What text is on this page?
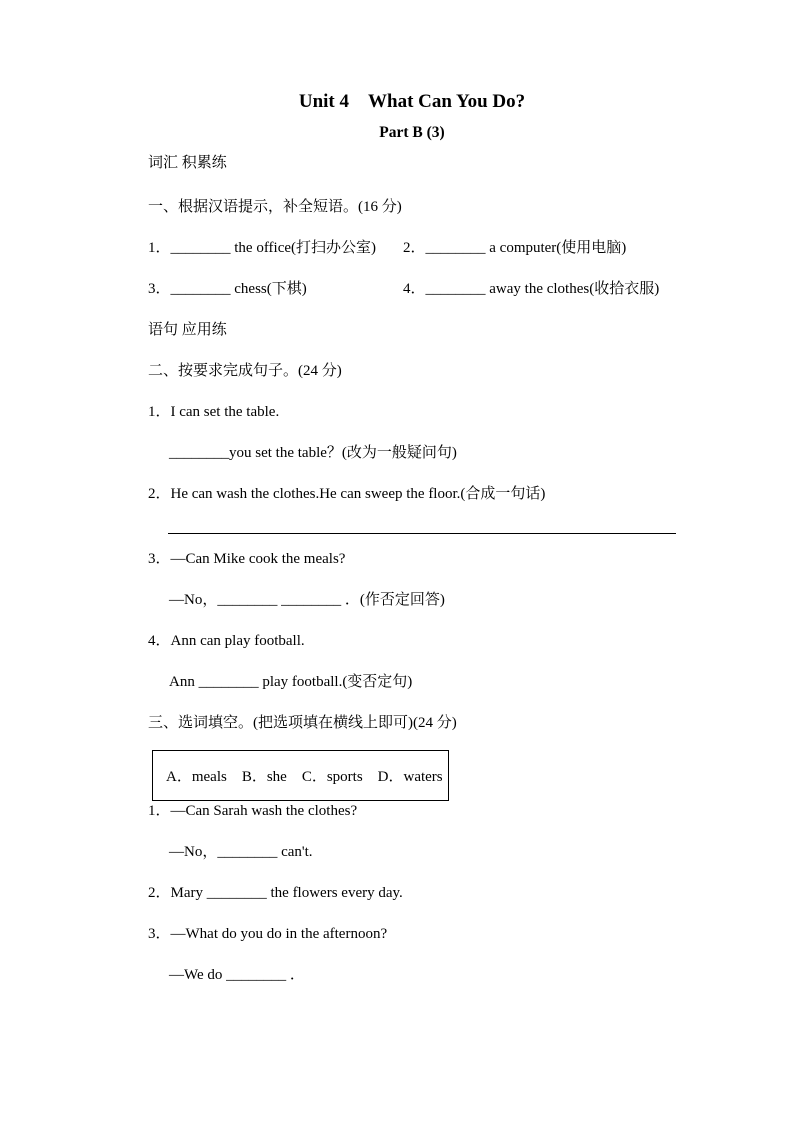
Unit 4　What Can You Do?
Part B (3)
词汇 积累练
一、根据汉语提示，补全短语。(16 分)
1．________ the office(打扫办公室)	2．________ a computer(使用电脑)
3．________ chess(下棋)	4．________ away the clothes(收拾衣服)
语句 应用练
二、按要求完成句子。(24 分)
1．I can set the table.
________you set the table？(改为一般疑问句)
2．He can wash the clothes.He can sweep the floor.(合成一句话)
3．—Can Mike cook the meals?
—No，________ ________ ．(作否定回答)
4．Ann can play football.
Ann ________ play football.(变否定句)
三、选词填空。(把选项填在横线上即可)(24 分)
A．meals    B．she    C．sports    D．waters
1．—Can Sarah wash the clothes?
—No，________ can't.
2．Mary ________ the flowers every day.
3．—What do you do in the afternoon?
—We do ________ ．
